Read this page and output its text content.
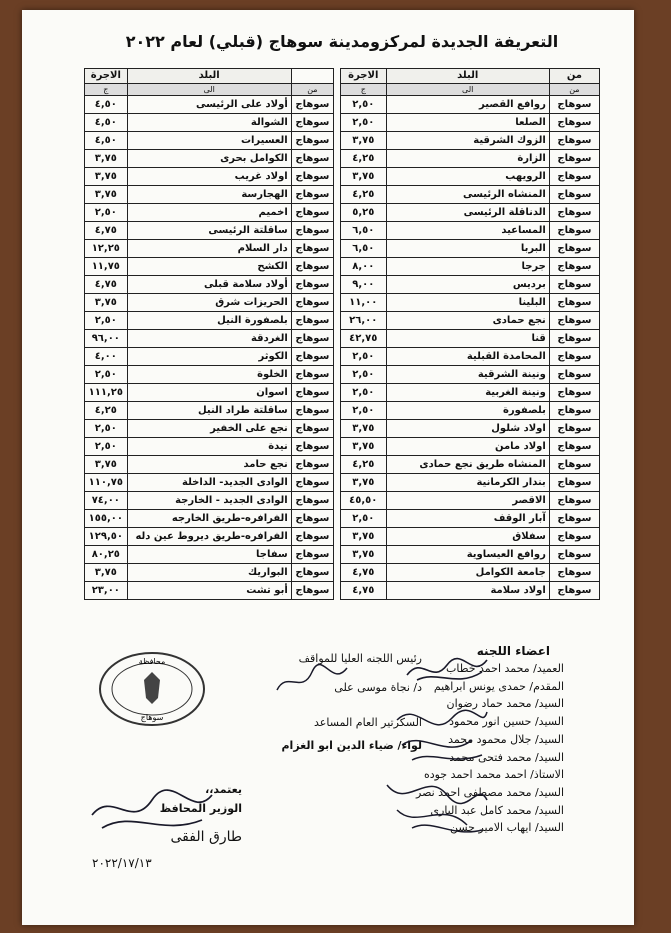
التعريفة الجديدة لمركزومدينة سوهاج (قبلي) لعام ٢٠٢٢
من	البلد	الاجرة
من	الى	ج
سوهاج	روافع القصير	٢,٥٠
سوهاج	الصلعا	٢,٥٠
سوهاج	الزوك الشرقية	٣,٧٥
سوهاج	الزارة	٤,٢٥
سوهاج	الرويهب	٣,٧٥
سوهاج	المنشاه الرئيسى	٤,٢٥
سوهاج	الدناقلة الرئيسى	٥,٢٥
سوهاج	المساعيد	٦,٥٠
سوهاج	البربا	٦,٥٠
سوهاج	جرجا	٨,٠٠
سوهاج	برديس	٩,٠٠
سوهاج	البلينا	١١,٠٠
سوهاج	نجع حمادى	٢٦,٠٠
سوهاج	قنا	٤٢,٧٥
سوهاج	المحامدة القبلية	٢,٥٠
سوهاج	ونينة الشرقية	٢,٥٠
سوهاج	ونينة الغربية	٢,٥٠
سوهاج	بلصفورة	٢,٥٠
سوهاج	اولاد شلول	٣,٧٥
سوهاج	اولاد مامن	٣,٧٥
سوهاج	المنشاه طريق نجع حمادى	٤,٢٥
سوهاج	بندار الكرمانية	٣,٧٥
سوهاج	الاقصر	٤٥,٥٠
سوهاج	آبار الوقف	٢,٥٠
سوهاج	سفلاق	٣,٧٥
سوهاج	روافع العيساوية	٣,٧٥
سوهاج	جامعة الكوامل	٤,٧٥
سوهاج	اولاد سلامة	٤,٧٥
	البلد	الاجرة
من	الى	ج
سوهاج	أولاد على الرئيسى	٤,٥٠
سوهاج	الشوالة	٤,٥٠
سوهاج	العسيرات	٤,٥٠
سوهاج	الكوامل بحرى	٣,٧٥
سوهاج	اولاد غريب	٣,٧٥
سوهاج	الهجارسة	٣,٧٥
سوهاج	اخميم	٢,٥٠
سوهاج	ساقلتة الرئيسى	٤,٧٥
سوهاج	دار السلام	١٢,٢٥
سوهاج	الكشح	١١,٧٥
سوهاج	أولاد سلامة قبلى	٤,٧٥
سوهاج	الحريزات شرق	٣,٧٥
سوهاج	بلصفورة النيل	٢,٥٠
سوهاج	الغردقة	٩٦,٠٠
سوهاج	الكوثر	٤,٠٠
سوهاج	الخلوة	٢,٥٠
سوهاج	اسوان	١١١,٢٥
سوهاج	ساقلتة طراد النيل	٤,٢٥
سوهاج	نجع على الخفير	٢,٥٠
سوهاج	نيدة	٢,٥٠
سوهاج	نجع حامد	٣,٧٥
سوهاج	الوادى الجديد- الداخلة	١١٠,٧٥
سوهاج	الوادى الجديد - الخارجة	٧٤,٠٠
سوهاج	الفرافره-طريق الخارجه	١٥٥,٠٠
سوهاج	الفرافره-طريق ديروط عين دله	١٢٩,٥٠
سوهاج	سفاجا	٨٠,٢٥
سوهاج	البواريك	٣,٧٥
سوهاج	أبو تشت	٢٣,٠٠
اعضاء اللجنه
العميد/ محمد احمد خطاب
المقدم/ حمدى يونس ابراهيم
السيد/ محمد حماد رضوان
السيد/ حسين انور محمود
السيد/ جلال محمود محمد
السيد/ محمد فتحى محمد
الاستاذ/ احمد محمد احمد جوده
السيد/ محمد مصطفى احمد نصر
السيد/ محمد كامل عبد البارى
السيد/ ايهاب الامير حسن
رئيس اللجنه العليا للمواقف
د/ نجاة موسى على
السكرتير العام المساعد
لواء/ ضياء الدين ابو الغزام
يعتمد،،
الوزير المحافظ
طارق الفقى
٢٠٢٢/١٧/١٣
محافظة
سوهاج
